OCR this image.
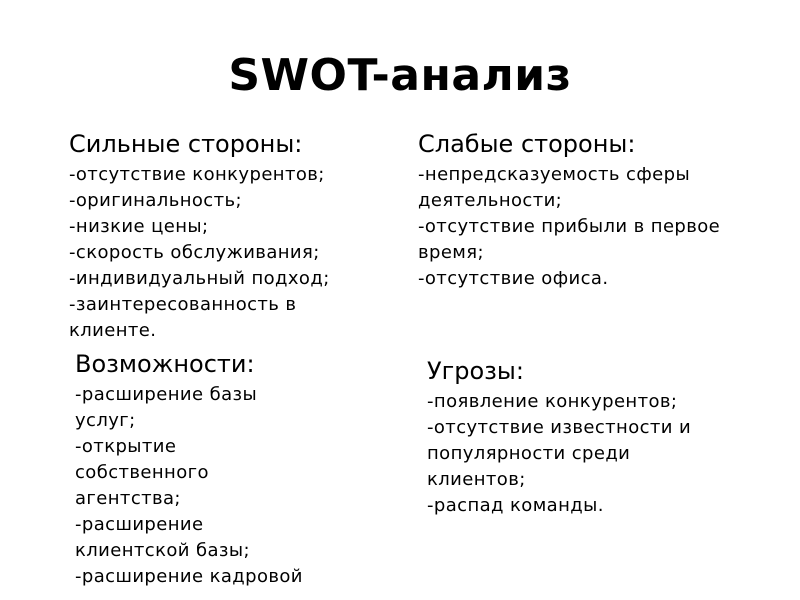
SWOT-анализ
Сильные стороны:
-отсутствие конкурентов;
-оригинальность;
-низкие цены;
-скорость обслуживания;
-индивидуальный подход;
-заинтересованность в
клиенте.
Слабые стороны:
-непредсказуемость сферы
деятельности;
-отсутствие прибыли в первое
время;
-отсутствие офиса.
Возможности:
-расширение базы
услуг;
-открытие
собственного
агентства;
-расширение
клиентской базы;
-расширение кадровой
Угрозы:
-появление конкурентов;
-отсутствие известности и
популярности среди
клиентов;
-распад команды.
